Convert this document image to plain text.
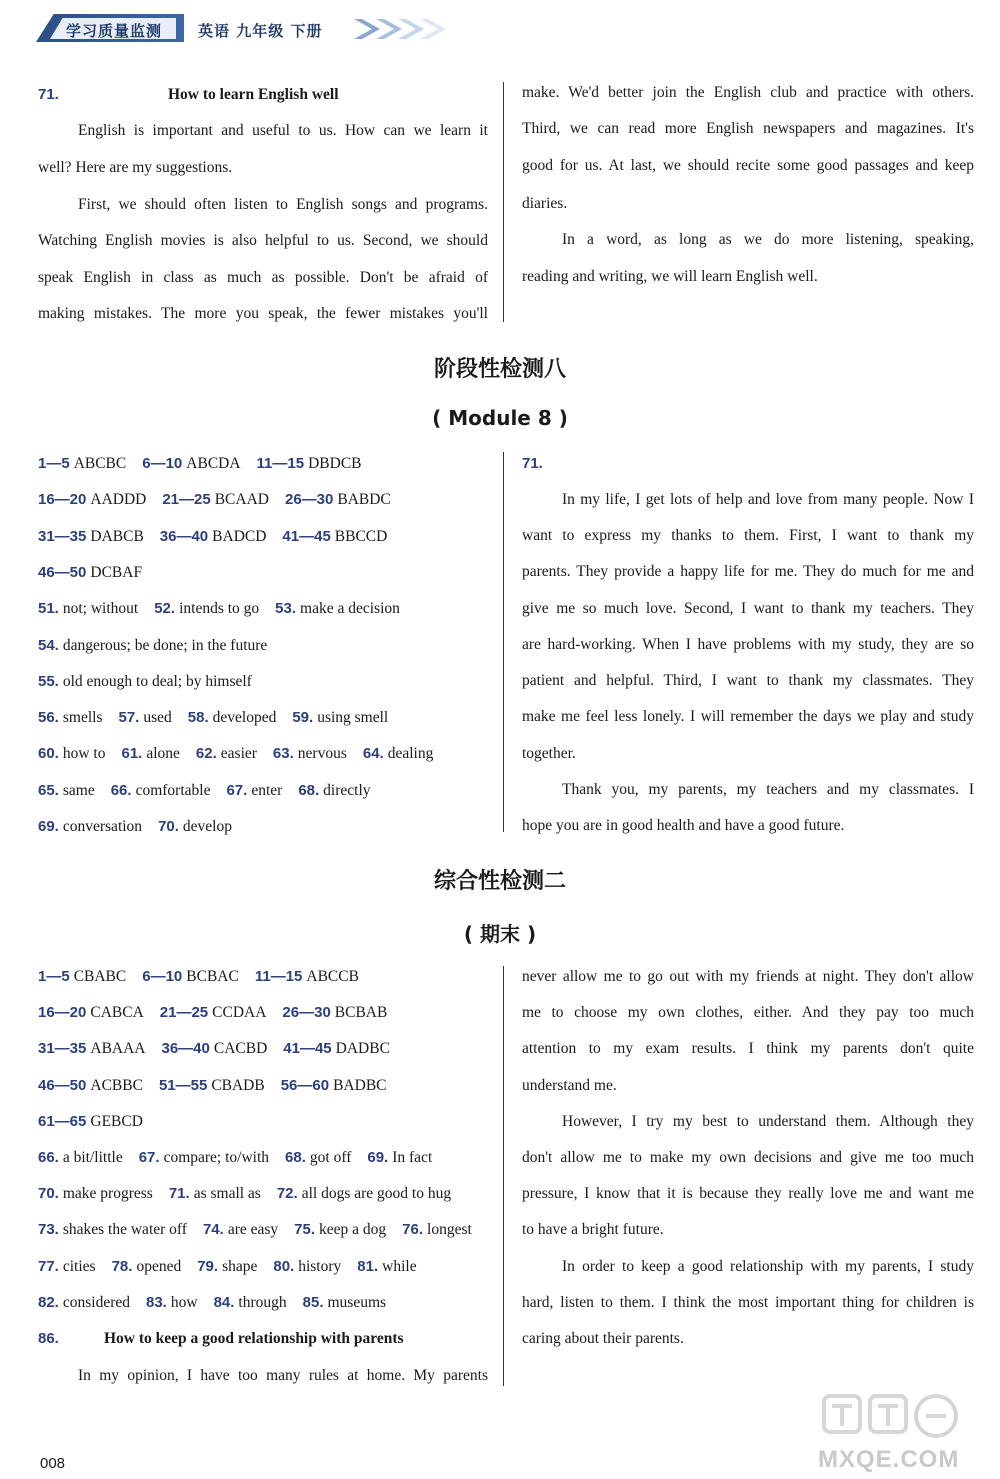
学习质量监测 英语 九年级 下册
71.	How to learn English well
English is important and useful to us. How can we learn it
well? Here are my suggestions.
First, we should often listen to English songs and programs.
Watching English movies is also helpful to us. Second, we should
speak English in class as much as possible. Don't be afraid of
making mistakes. The more you speak, the fewer mistakes you'll
make. We'd better join the English club and practice with others.
Third, we can read more English newspapers and magazines. It's
good for us. At last, we should recite some good passages and keep
diaries.
In a word, as long as we do more listening, speaking,
reading and writing, we will learn English well.
阶段性检测八
( Module 8 )
1—5 ABCBC 6—10 ABCDA 11—15 DBDCB
16—20 AADDD 21—25 BCAAD 26—30 BABDC
31—35 DABCB 36—40 BADCD 41—45 BBCCD
46—50 DCBAF
51. not; without 52. intends to go 53. make a decision
54. dangerous; be done; in the future
55. old enough to deal; by himself
56. smells 57. used 58. developed 59. using smell
60. how to 61. alone 62. easier 63. nervous 64. dealing
65. same 66. comfortable 67. enter 68. directly
69. conversation 70. develop
71.
In my life, I get lots of help and love from many people. Now I
want to express my thanks to them. First, I want to thank my
parents. They provide a happy life for me. They do much for me and
give me so much love. Second, I want to thank my teachers. They
are hard-working. When I have problems with my study, they are so
patient and helpful. Third, I want to thank my classmates. They
make me feel less lonely. I will remember the days we play and study
together.
Thank you, my parents, my teachers and my classmates. I
hope you are in good health and have a good future.
综合性检测二
( 期末 )
86.	How to keep a good relationship with parents
1—5 CBABC 6—10 BCBAC 11—15 ABCCB
16—20 CABCA 21—25 CCDAA 26—30 BCBAB
31—35 ABAAA 36—40 CACBD 41—45 DADBC
46—50 ACBBC 51—55 CBADB 56—60 BADBC
61—65 GEBCD
66. a bit/little 67. compare; to/with 68. got off 69. In fact
70. make progress 71. as small as 72. all dogs are good to hug
73. shakes the water off 74. are easy 75. keep a dog 76. longest
77. cities 78. opened 79. shape 80. history 81. while
82. considered 83. how 84. through 85. museums
In my opinion, I have too many rules at home. My parents
never allow me to go out with my friends at night. They don't allow
me to choose my own clothes, either. And they pay too much
attention to my exam results. I think my parents don't quite
understand me.
However, I try my best to understand them. Although they
don't allow me to make my own decisions and give me too much
pressure, I know that it is because they really love me and want me
to have a bright future.
In order to keep a good relationship with my parents, I study
hard, listen to them. I think the most important thing for children is
caring about their parents.
008	MXQE.COM
